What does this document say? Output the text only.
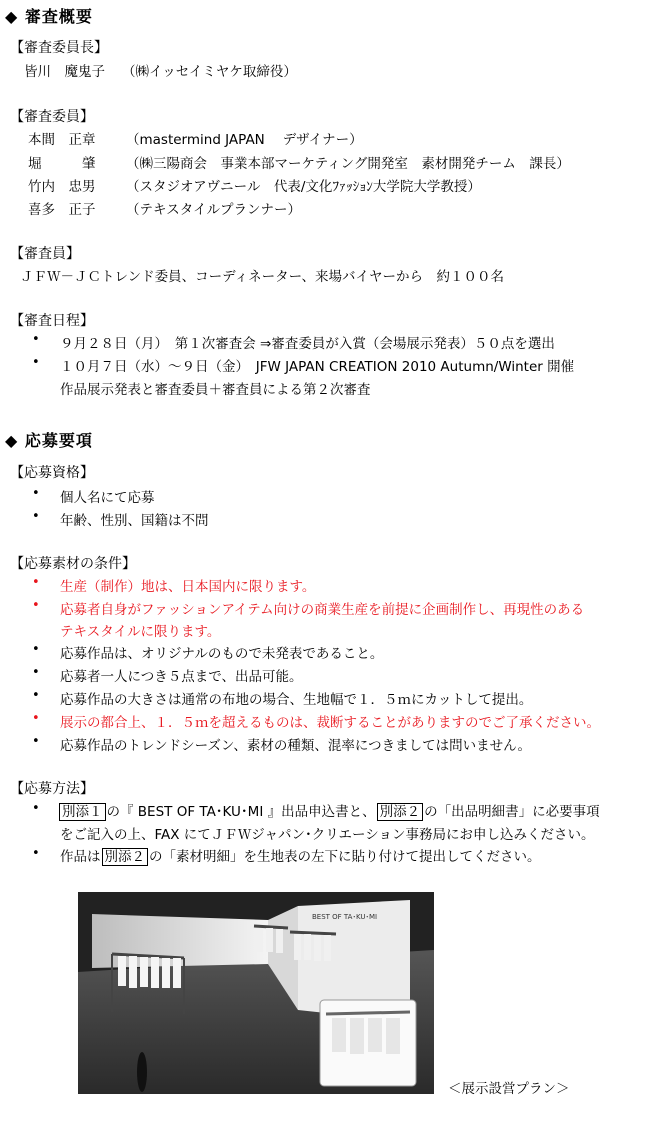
◆ 審査概要
【審査委員長】
皆川　魔鬼子 （㈱イッセイミヤケ取締役）
【審査委員】
本間　正章 （mastermind JAPAN　 デザイナー）
堀　　　肇 （㈱三陽商会　事業本部マーケティング開発室　素材開発チーム　課長）
竹内　忠男 （スタジオアヴニール　代表/文化ﾌｧｯｼｮﾝ大学院大学教授）
喜多　正子 （テキスタイルプランナー）
【審査員】
ＪＦＷ－ＪＣトレンド委員、コーディネーター、来場バイヤーから　約１００名
【審査日程】
• ９月２８日（月）　第１次審査会 ⇒審査委員が入賞（会場展示発表）５０点を選出
• １０月７日（水）～９日（金）　JFW JAPAN CREATION 2010 Autumn/Winter 開催
作品展示発表と審査委員＋審査員による第２次審査
◆ 応募要項
【応募資格】
• 個人名にて応募
• 年齢、性別、国籍は不問
【応募素材の条件】
• 生産（制作）地は、日本国内に限ります。
• 応募者自身がファッションアイテム向けの商業生産を前提に企画制作し、再現性のある
テキスタイルに限ります。
• 応募作品は、オリジナルのもので未発表であること。
• 応募者一人につき５点まで、出品可能。
• 応募作品の大きさは通常の布地の場合、生地幅で１．５ｍにカットして提出。
• 展示の都合上、１．５ｍを超えるものは、裁断することがありますのでご了承ください。
• 応募作品のトレンドシーズン、素材の種類、混率につきましては問いません。
【応募方法】
• 別添１ の『 BEST OF TA･KU･MI 』出品申込書と、 別添２ の「出品明細書」に必要事項
をご記入の上、FAX にてＪＦＷジャパン･クリエーション事務局にお申し込みください。
• 作品は 別添２ の「素材明細」を生地表の左下に貼り付けて提出してください。
BEST OF TA･KU･MI
＜展示設営プラン＞
